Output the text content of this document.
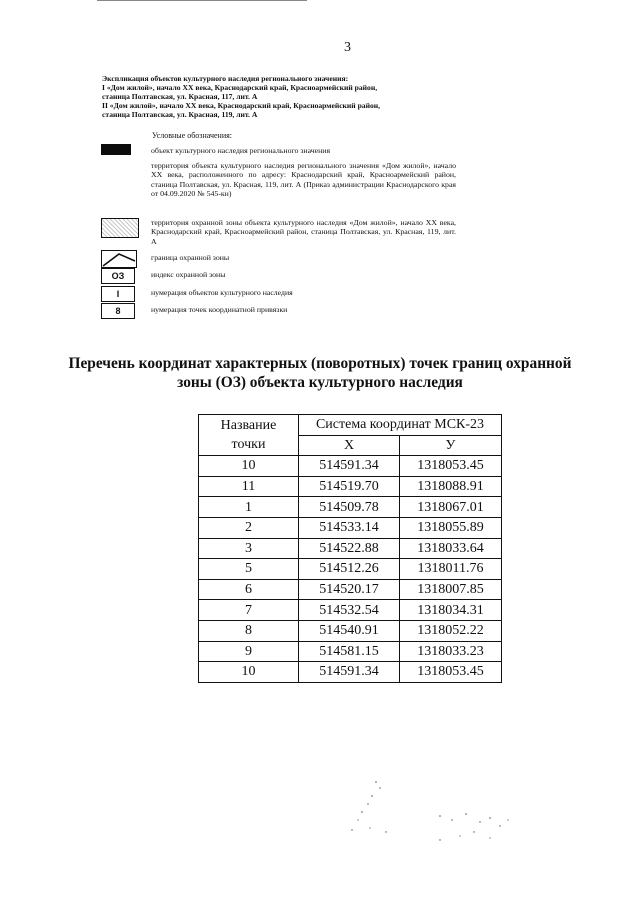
3
Экспликация объектов культурного наследия регионального значения:
I «Дом жилой», начало XX века, Краснодарский край, Красноармейский район,
станица Полтавская, ул. Красная, 117, лит. А
II «Дом жилой», начало XX века, Краснодарский край, Красноармейский район,
станица Полтавская, ул. Красная, 119, лит. А
Условные обозначения:
объект культурного наследия регионального значения
территория объекта культурного наследия регионального значения «Дом жилой», начало XX века, расположенного по адресу: Краснодарский край, Красноармейский район, станица Полтавская, ул. Красная, 119, лит. А (Приказ администрации Краснодарского края от 04.09.2020 № 545-кн)
территория охранной зоны объекта культурного наследия «Дом жилой», начало XX века, Краснодарский край, Красноармейский район, станица Полтавская, ул. Красная, 119, лит. А
граница охранной зоны
ОЗ	индекс охранной зоны
I	нумерация объектов культурного наследия
8	нумерация точек координатной привязки
Перечень координат характерных (поворотных) точек границ охранной
зоны (ОЗ) объекта культурного наследия
Название
точки	Система координат МСК-23	
	X	У
10	514591.34	1318053.45
11	514519.70	1318088.91
1	514509.78	1318067.01
2	514533.14	1318055.89
3	514522.88	1318033.64
5	514512.26	1318011.76
6	514520.17	1318007.85
7	514532.54	1318034.31
8	514540.91	1318052.22
9	514581.15	1318033.23
10	514591.34	1318053.45
